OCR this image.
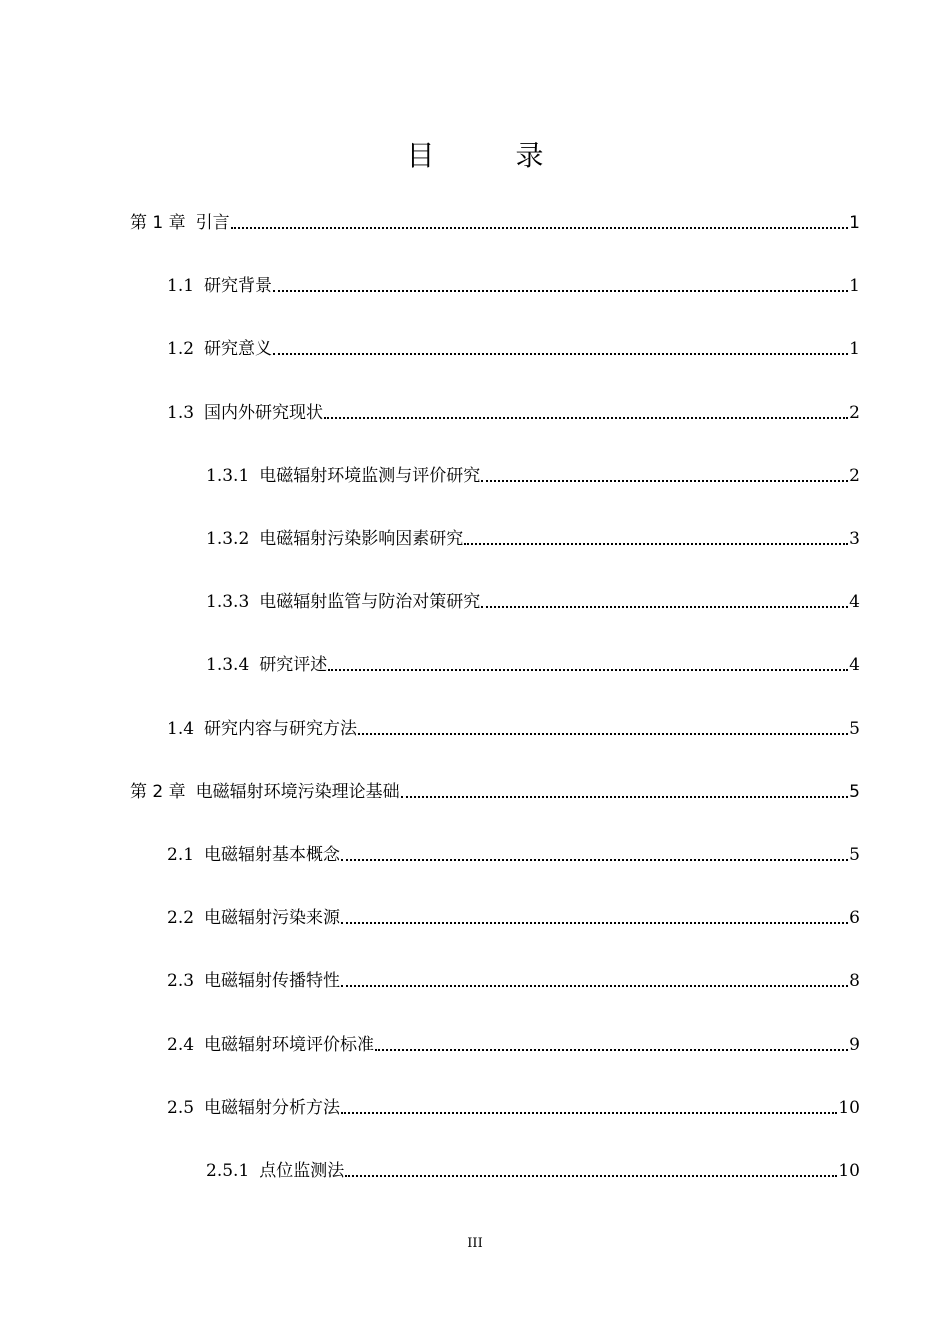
目 录
第 1 章 引言	1
1.1 研究背景	1
1.2 研究意义	1
1.3 国内外研究现状	2
1.3.1 电磁辐射环境监测与评价研究	2
1.3.2 电磁辐射污染影响因素研究	3
1.3.3 电磁辐射监管与防治对策研究	4
1.3.4 研究评述	4
1.4 研究内容与研究方法	5
第 2 章 电磁辐射环境污染理论基础	5
2.1 电磁辐射基本概念	5
2.2 电磁辐射污染来源	6
2.3 电磁辐射传播特性	8
2.4 电磁辐射环境评价标准	9
2.5 电磁辐射分析方法	10
2.5.1 点位监测法	10
III
